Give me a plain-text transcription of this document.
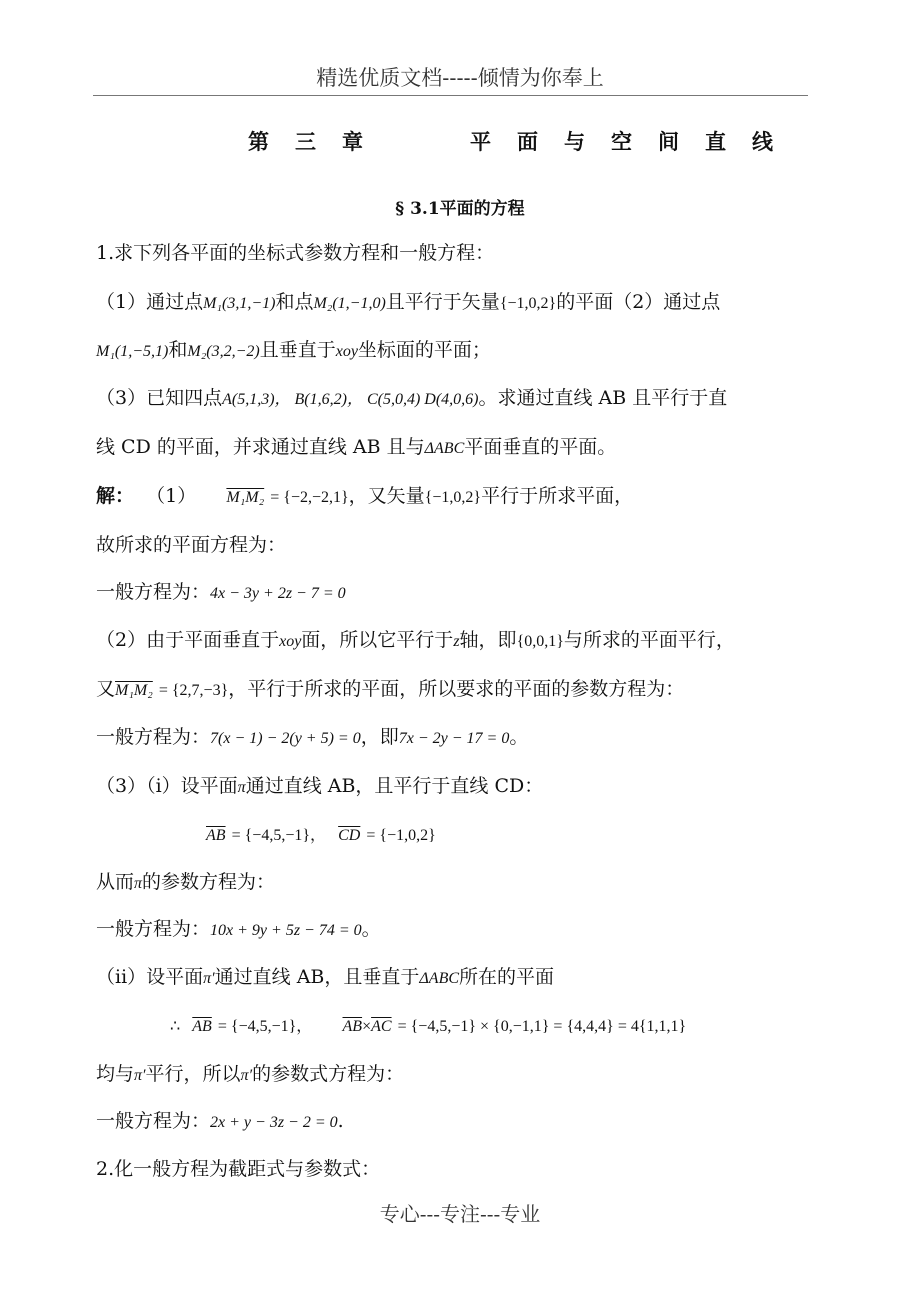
精选优质文档-----倾情为你奉上
第三章	平面与空间直线
§ 3.1平面的方程
1.求下列各平面的坐标式参数方程和一般方程：
（1）通过点M₁(3,1,−1)和点M₂(1,−1,0)且平行于矢量{−1,0,2}的平面（2）通过点
M₁(1,−5,1)和M₂(3,2,−2)且垂直于xoy坐标面的平面；
（3）已知四点A(5,1,3)， B(1,6,2)， C(5,0,4) D(4,0,6)。求通过直线 AB 且平行于直
线 CD 的平面，并求通过直线 AB 且与ΔABC平面垂直的平面。
解： （1） M₁M₂ = {−2,−2,1}，又矢量{−1,0,2}平行于所求平面，
故所求的平面方程为：
一般方程为：4x − 3y + 2z − 7 = 0
（2）由于平面垂直于xoy面，所以它平行于z轴，即{0,0,1}与所求的平面平行，
又M₁M₂ = {2,7,−3}，平行于所求的平面，所以要求的平面的参数方程为：
一般方程为：7(x − 1) − 2(y + 5) = 0，即7x − 2y − 17 = 0。
（3）（ⅰ）设平面π通过直线 AB，且平行于直线 CD：
$\overline{AB} = \{-4,5,-1\}$， $\overline{CD} = \{-1,0,2\}$
从而π的参数方程为：
一般方程为：10x + 9y + 5z − 74 = 0。
（ⅱ）设平面π′通过直线 AB，且垂直于ΔABC所在的平面
∴ $\overline{AB} = \{-4,5,-1\}$， $\overline{AB}\times\overline{AC} = \{-4,5,-1\} \times \{0,-1,1\} = \{4,4,4\} = 4\{1,1,1\}$
均与π′平行，所以π′的参数式方程为：
一般方程为：2x + y − 3z − 2 = 0.
2.化一般方程为截距式与参数式：
专心---专注---专业
